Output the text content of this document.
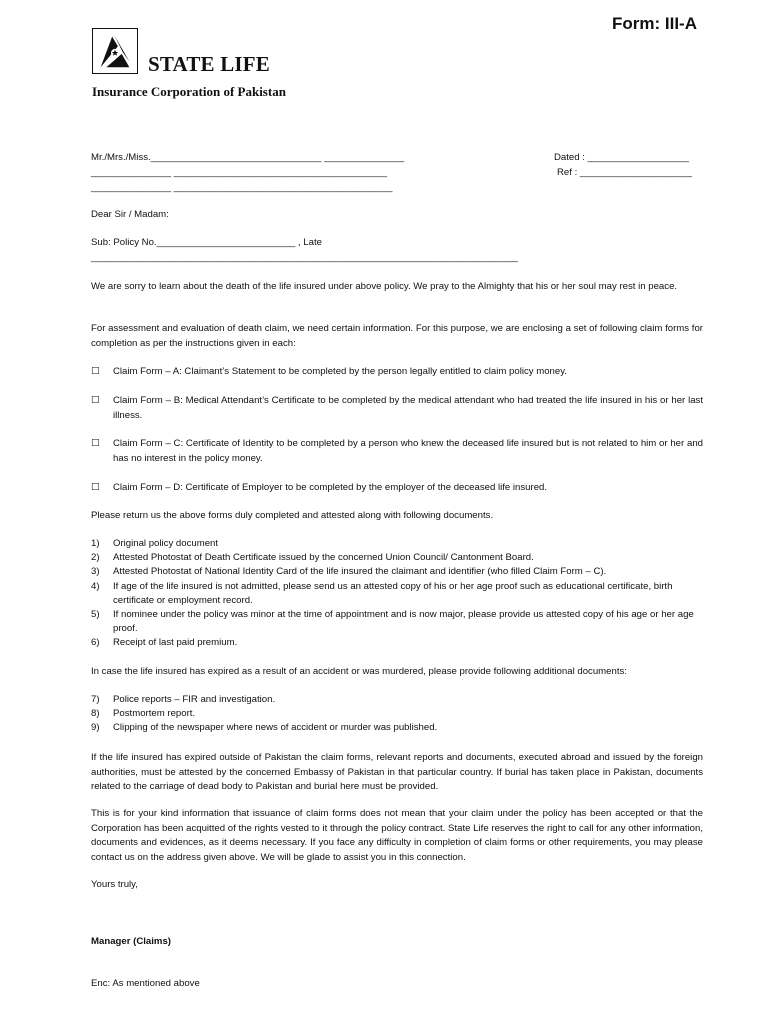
Form: III-A
STATE LIFE
Insurance Corporation of Pakistan
Mr./Mrs./Miss.________________________________ _______________
_______________ ________________________________________
_______________ _________________________________________
Dated : ___________________
Ref : _____________________
Dear Sir / Madam:
Sub: Policy No.__________________________ , Late
________________________________________________________________________________
We are sorry to learn about the death of the life insured under above policy. We pray to the Almighty that his or her soul may rest in peace.
For assessment and evaluation of death claim, we need certain information. For this purpose, we are enclosing a set of following claim forms for completion as per the instructions given in each:
☐ Claim Form – A: Claimant’s Statement to be completed by the person legally entitled to claim policy money.
☐ Claim Form – B: Medical Attendant’s Certificate to be completed by the medical attendant who had treated the life insured in his or her last illness.
☐ Claim Form – C: Certificate of Identity to be completed by a person who knew the deceased life insured but is not related to him or her and has no interest in the policy money.
☐ Claim Form – D: Certificate of Employer to be completed by the employer of the deceased life insured.
Please return us the above forms duly completed and attested along with following documents.
1) Original policy document
2) Attested Photostat of Death Certificate issued by the concerned Union Council/ Cantonment Board.
3) Attested Photostat of National Identity Card of the life insured the claimant and identifier (who filled Claim Form – C).
4) If age of the life insured is not admitted, please send us an attested copy of his or her age proof such as educational certificate, birth certificate or employment record.
5) If nominee under the policy was minor at the time of appointment and is now major, please provide us attested copy of his age or her age proof.
6) Receipt of last paid premium.
In case the life insured has expired as a result of an accident or was murdered, please provide following additional documents:
7) Police reports – FIR and investigation.
8) Postmortem report.
9) Clipping of the newspaper where news of accident or murder was published.
If the life insured has expired outside of Pakistan the claim forms, relevant reports and documents, executed abroad and issued by the foreign authorities, must be attested by the concerned Embassy of Pakistan in that particular country. If burial has taken place in Pakistan, documents related to the carriage of dead body to Pakistan and burial here must be provided.
This is for your kind information that issuance of claim forms does not mean that your claim under the policy has been accepted or that the Corporation has been acquitted of the rights vested to it through the policy contract. State Life reserves the right to call for any other information, documents and evidences, as it deems necessary. If you face any difficulty in completion of claim forms or other requirements, you may please contact us on the address given above. We will be glade to assist you in this connection.
Yours truly,
Manager (Claims)
Enc: As mentioned above
